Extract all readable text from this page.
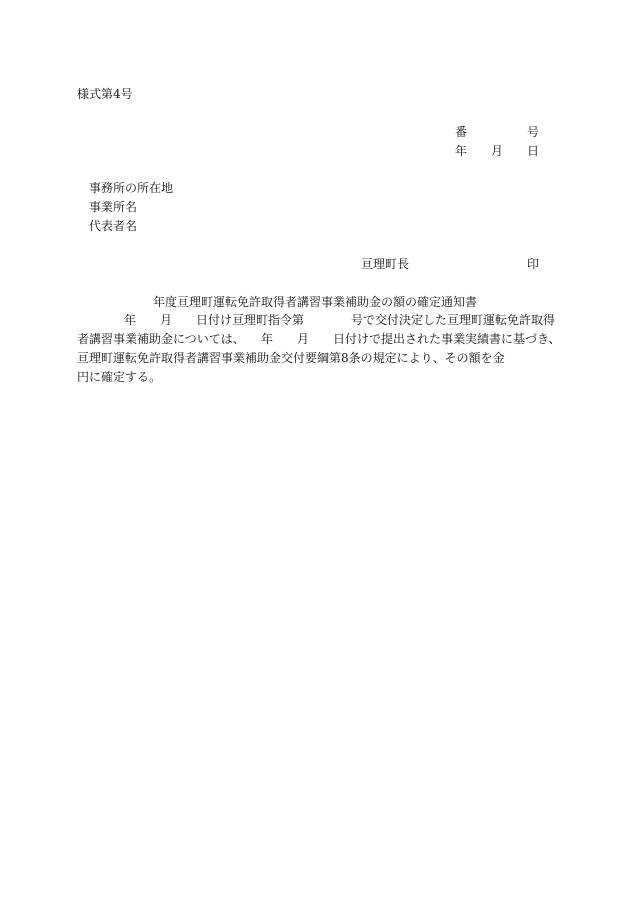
様式第4号
番	号
年 月 日
事務所の所在地
事業所名
代表者名
亘理町長	印
年度亘理町運転免許取得者講習事業補助金の額の確定通知書
年 月 日付け亘理町指令第	号で交付決定した亘理町運転免許取得
者講習事業補助金については、 年 月 日付けで提出された事業実績書に基づき、
亘理町運転免許取得者講習事業補助金交付要綱第8条の規定により、その額を金
円に確定する。
